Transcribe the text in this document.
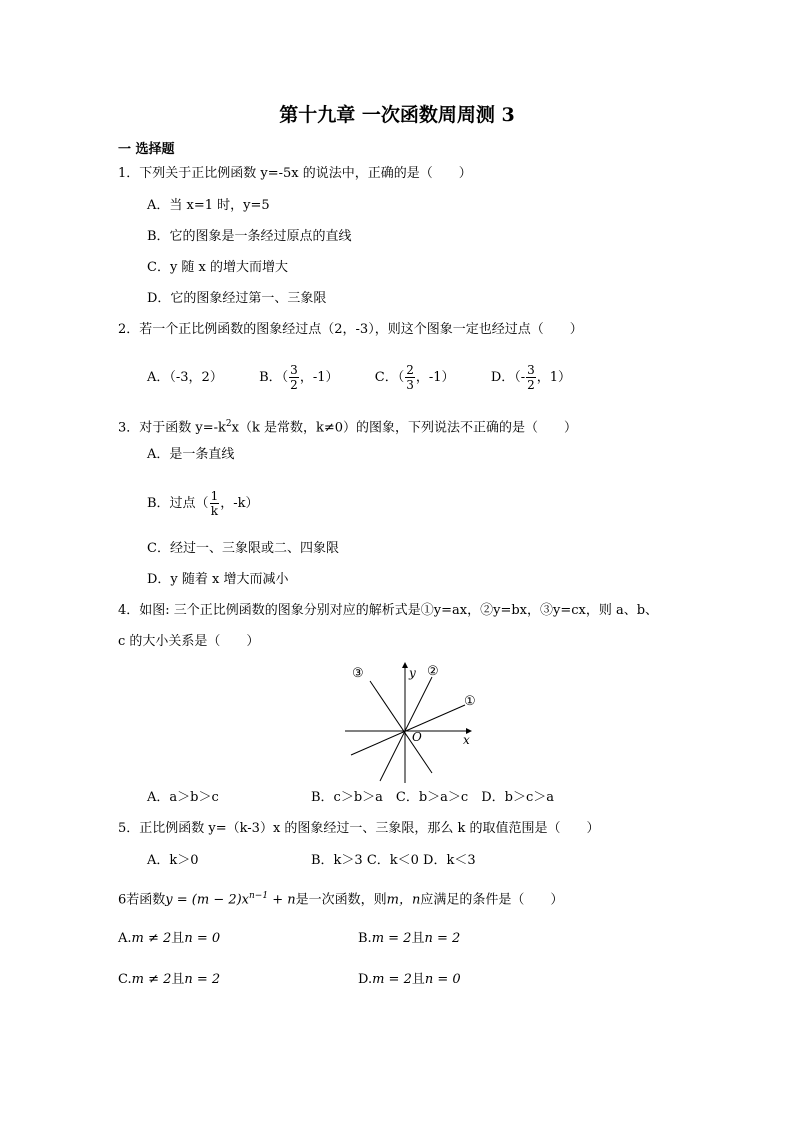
第十九章 一次函数周周测 3
一 选择题
1．下列关于正比例函数 y=-5x 的说法中，正确的是（　　）
A．当 x=1 时，y=5
B．它的图象是一条经过原点的直线
C．y 随 x 的增大而增大
D．它的图象经过第一、三象限
2．若一个正比例函数的图象经过点（2，-3），则这个图象一定也经过点（　　）
A．（-3，2）	B．（ $\frac{3}{2}$ ，-1）	C．（ $\frac{2}{3}$ ，-1）	D．（- $\frac{3}{2}$ ，1）
3．对于函数 $y=-k^2x(k$ 是常数，k≠0）的图象，下列说法不正确的是（　　）
A．是一条直线
B．过点（ $\frac{1}{k}$ ，-k）
C．经过一、三象限或二、四象限
D．y 随着 x 增大而减小
4．如图: 三个正比例函数的图象分别对应的解析式是①y=ax，②y=bx，③y=cx，则 a、b、
c 的大小关系是（　　）
①
②
③	y
x
O
A．a＞b＞c	B．c＞b＞a　C．b＞a＞c　D．b＞c＞a
5．正比例函数 y=（k-3）x 的图象经过一、三象限，那么 k 的取值范围是（　　）
A．k＞0	B．k＞3 C．k＜0 D．k＜3
6若函数$y = (m - 2)x^{n-1} + n$是一次函数，则m，n应满足的条件是（　　）
A.m ≠ 2且n = 0	B.m = 2且n = 2
C.m ≠ 2且n = 2	D.m = 2且n = 0
